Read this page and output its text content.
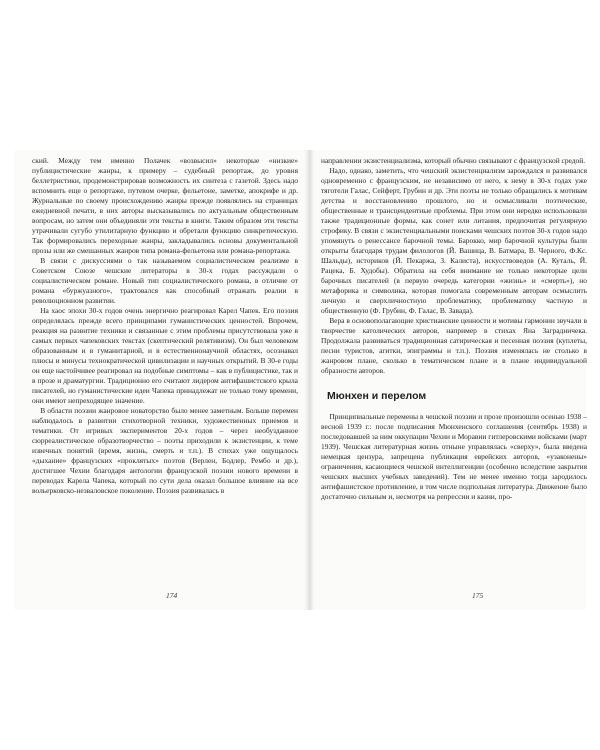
ский. Между тем именно Полачек «возвысил» некоторые «низкие» публицистические жанры, к примеру – судебный репортаж, до уровня беллетристики, продемонстрировав возможность их синтеза с газетой. Здесь надо вспомнить еще о репортаже, путевом очерке, фельетоне, заметке, апокрифе и др. Журнальные по своему происхождению жанры прежде появлялись на страницах ежедневной печати, в них авторы высказывались по актуальным общественным вопросам, но затем они объединяли эти тексты в книги. Таким образом эти тексты утрачивали сугубо утилитарную функцию и обретали функцию синкретическую. Так формировались переходные жанры, закладывались основы документальной прозы или же смешанных жанров типа романа-фельетона или романа-репортажа.

В связи с дискуссиями о так называемом социалистическом реализме в Советском Союзе чешские литераторы в 30-х годах рассуждали о социалистическом романе. Новый тип социалистического романа, в отличие от романа «буржуазного», трактовался как способный отражать реалии в революционном развитии.

На хаос эпохи 30-х годов очень энергично реагировал Карел Чапек. Его поэзия определялась прежде всего принципами гуманистических ценностей. Впрочем, реакция на развитие техники и связанные с этим проблемы присутствовала уже в самых первых чапековских текстах (скептический релятивизм). Он был человеком образованным и в гуманитарной, и в естественнонаучной областях, осознавал плюсы и минусы технократической цивилизации и научных открытий. В 30-е годы он еще настойчивее реагировал на подобные симптомы – как в публицистике, так и в прозе и драматургии. Традиционно его считают лидером антифашистского крыла писателей, но гуманистические идеи Чапека принадлежат не только тому времени, они имеют непреходящее значение.

В области поэзии жанровое новаторство было менее заметным. Больше перемен наблюдалось в развитии стихотворной техники, художественных приемов и тематики. От игривых экспериментов 20-х годов – через необузданное сюрреалистическое образотворчество – поэты приходили к экзистенции, к теме извечных понятий (время, жизнь, смерть и т.п.). В стихах уже ощущалось «дыхание» французских «проклятых» поэтов (Верлен, Бодлер, Рембо и др.), достигшее Чехии благодаря антологии французской поэзии нового времени в переводах Карела Чапека, который по сути дела оказал большое влияние на все вольерковско-незваловское поколение. Поэзия развивалась в

174

направлении экзистенциализма, который обычно связывают с французской средой.

Надо, однако, заметить, что чешский экзистенциализм зарождался и развивался одновременно с французским, не независимо от него, к нему в 30-х годах уже тяготели Галас, Сейферт, Грубин и др. Эти поэты не только обращались к мотивам детства и восстановлению прошлого, но и осмысливали поэтические, общественные и трансцендентные проблемы. При этом они нередко использовали также традиционные формы, как сонет или литания, предпочитая регулярную строфику. В связи с экзистенциальными поисками чешских поэтов 30-х годов надо упомянуть о ренессансе барочной темы. Барокко, мир барочной культуры были открыты благодаря трудам филологов (Й. Вашица, В. Батмара, В. Черного, Ф.Кс. Шальды), историков (Й. Пекаржа, З. Калиста), искусствоведов (А. Куталь, Й. Рацека, Б. Худобы). Обратила на себя внимание не только некоторые цели барочных писателей (в первую очередь категории «жизнь» и «смерть»), но метафорика и символика, которая помогала современным авторам осмыслить личную и сверхличностную проблематику, проблематику частную и общественную (Ф. Грубин, Ф. Галас, В. Завада).

Вера в основополагающие христианские ценности и мотивы гармонии звучали в творчестве католических авторов, например в стихах Яна Заградничека. Продолжала развиваться традиционная сатирическая и песенная поэзия (куплеты, песни туристов, агитки, эпиграммы и т.п.). Поэзия изменялась не столько в жанровом плане, сколько в тематическом плане и в плане индивидуальной образности авторов.

Мюнхен и перелом

Принципиальные перемены в чешской поэзии и прозе произошли осенью 1938 – весной 1939 г.: после подписания Мюнхенского соглашения (сентябрь 1938) и последовавшей за ним оккупации Чехии и Моравии гитлеровскими войсками (март 1939). Чешская литературная жизнь отныне управлялась «сверху», была введена немецкая цензура, запрещена публикация еврейских авторов, «узаконены» ограничения, касающиеся чешской интеллигенции (особенно вследствие закрытия чешских высших учебных заведений). Тем не менее именно тогда зародилось антифашистское противление, в том числе подпольная литература. Движение было достаточно сильным и, несмотря на репрессии и казни, про-

175
